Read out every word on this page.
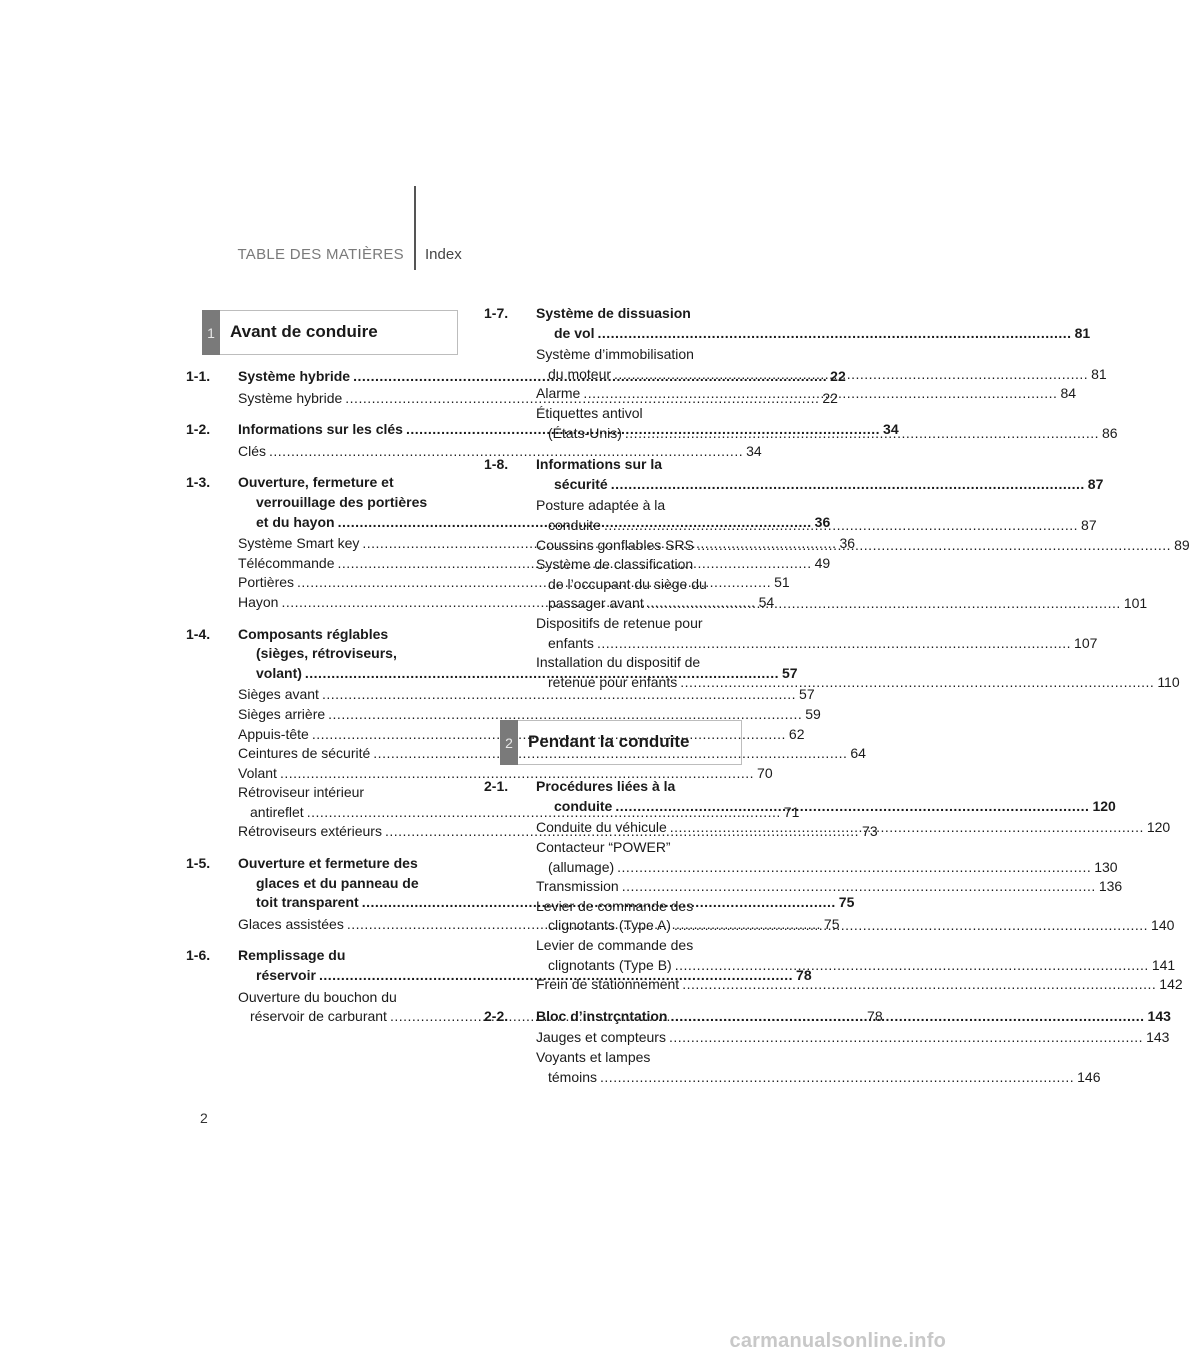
TABLE DES MATIÈRES Index
1 Avant de conduire
1-1.	Système hybride .....	22
Système hybride .....	22
1-2.	Informations sur les clés .....	34
Clés .....	34
1-3.	Ouverture, fermeture et
verrouillage des portières
et du hayon .....	36
Système Smart key .....	36
Télécommande .....	49
Portières .....	51
Hayon .....	54
1-4.	Composants réglables
(sièges, rétroviseurs,
volant) .....	57
Sièges avant .....	57
Sièges arrière .....	59
Appuis-tête .....	62
Ceintures de sécurité .....	64
Volant .....	70
Rétroviseur intérieur
antireflet .....	71
Rétroviseurs extérieurs .....	73
1-5.	Ouverture et fermeture des
glaces et du panneau de
toit transparent .....	75
Glaces assistées .....	75
1-6.	Remplissage du
réservoir .....	78
Ouverture du bouchon du
réservoir de carburant .....	78
1-7.	Système de dissuasion
de vol .....	81
Système d’immobilisation
du moteur .....	81
Alarme .....	84
Étiquettes antivol
(États-Unis) .....	86
1-8.	Informations sur la
sécurité .....	87
Posture adaptée à la
conduite .....	87
Coussins gonflables SRS .....	89
Système de classification
de l’occupant du siège du
passager avant .....	101
Dispositifs de retenue pour
enfants .....	107
Installation du dispositif de
retenue pour enfants .....	110
2 Pendant la conduite
2-1.	Procédures liées à la
conduite .....	120
Conduite du véhicule .....	120
Contacteur “POWER”
(allumage) .....	130
Transmission .....	136
Levier de commande des
clignotants (Type A) .....	140
Levier de commande des
clignotants (Type B) .....	141
Frein de stationnement .....	142
2-2.	Bloc d’instrçntation .....	143
Jauges et compteurs .....	143
Voyants et lampes
témoins .....	146
2
carmanualsonline.info
